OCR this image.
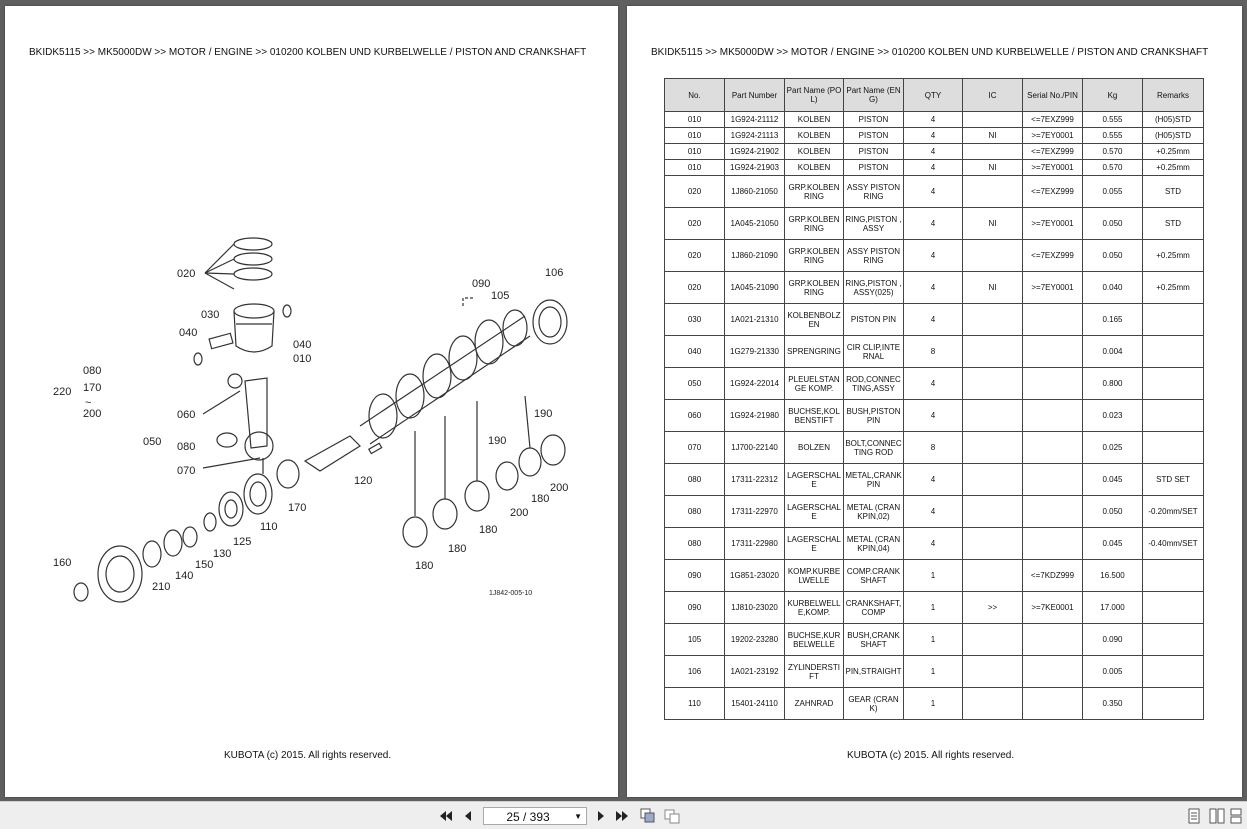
BKIDK5115 >> MK5000DW >> MOTOR / ENGINE >> 010200 KOLBEN UND KURBELWELLE / PISTON AND CRANKSHAFT
020
030
040
040
010
080
170
~
200
220
060
050 080
070
090
105
106
120
190
190
180
200
200
170
110
125
130
150
140
160
210
180
180
180
1J842-005-10
KUBOTA (c) 2015. All rights reserved.
BKIDK5115 >> MK5000DW >> MOTOR / ENGINE >> 010200 KOLBEN UND KURBELWELLE / PISTON AND CRANKSHAFT
No.	Part Number	Part Name (POL)	Part Name (ENG)	QTY	IC	Serial No./PIN	Kg	Remarks
010	1G924-21112	KOLBEN	PISTON	4		<=7EXZ999	0.555	(H05)STD
010	1G924-21113	KOLBEN	PISTON	4	NI	>=7EY0001	0.555	(H05)STD
010	1G924-21902	KOLBEN	PISTON	4		<=7EXZ999	0.570	+0.25mm
010	1G924-21903	KOLBEN	PISTON	4	NI	>=7EY0001	0.570	+0.25mm
020	1J860-21050	GRP.KOLBEN RING	ASSY PISTON RING	4		<=7EXZ999	0.055	STD
020	1A045-21050	GRP.KOLBEN RING	RING,PISTON ,ASSY	4	NI	>=7EY0001	0.050	STD
020	1J860-21090	GRP.KOLBEN RING	ASSY PISTON RING	4		<=7EXZ999	0.050	+0.25mm
020	1A045-21090	GRP.KOLBEN RING	RING,PISTON ,ASSY(025)	4	NI	>=7EY0001	0.040	+0.25mm
030	1A021-21310	KOLBENBOLZEN	PISTON PIN	4			0.165	
040	1G279-21330	SPRENGRING	CIR CLIP,INTERNAL	8			0.004	
050	1G924-22014	PLEUELSTANGE KOMP.	ROD,CONNECTING,ASSY	4			0.800	
060	1G924-21980	BUCHSE,KOLBENSTIFT	BUSH,PISTON PIN	4			0.023	
070	1J700-22140	BOLZEN	BOLT,CONNECTING ROD	8			0.025	
080	17311-22312	LAGERSCHALE	METAL,CRANKPIN	4			0.045	STD SET
080	17311-22970	LAGERSCHALE	METAL (CRANKPIN,02)	4			0.050	-0.20mm/SET
080	17311-22980	LAGERSCHALE	METAL (CRANKPIN,04)	4			0.045	-0.40mm/SET
090	1G851-23020	KOMP.KURBELWELLE	COMP.CRANKSHAFT	1		<=7KDZ999	16.500	
090	1J810-23020	KURBELWELLE,KOMP.	CRANKSHAFT,COMP	1	>>	>=7KE0001	17.000	
105	19202-23280	BUCHSE,KURBELWELLE	BUSH,CRANKSHAFT	1			0.090	
106	1A021-23192	ZYLINDERSTIFT	PIN,STRAIGHT	1			0.005	
110	15401-24110	ZAHNRAD	GEAR (CRANK)	1			0.350	
KUBOTA (c) 2015. All rights reserved.
25 / 393	▼
